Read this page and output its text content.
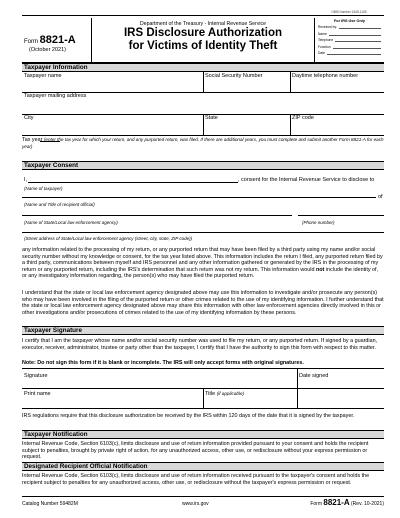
OMB Number 1545-1165
Form 8821-A
(October 2021)
Department of the Treasury - Internal Revenue Service
IRS Disclosure Authorization
for Victims of Identity Theft
For IRS Use Only
Received by:
Name
Telephone
Function
Date
Taxpayer Information
Taxpayer name	Social Security Number	Daytime telephone number
Taxpayer mailing address
City	State	ZIP code
Tax year (enter the tax year for which your return, and any purported return, was filed. If there are additional years, you must complete and submit another Form 8821-A for each year)
Taxpayer Consent
I,	, consent for the Internal Revenue Service to disclose to
(Name of taxpayer)
of
(Name and Title of recipient official)
(Name of State/Local law enforcement agency)	(Phone number)
(Street address of State/Local law enforcement agency (street, city, state, ZIP code))
any information related to the processing of my return, or any purported return that may have been filed by a third party using my name and/or social security number without my knowledge or consent, for the tax year listed above. This information includes the return I filed, any purported return filed by a third party, communications between myself and IRS personnel and any other information gathered or generated by the IRS in the processing of my return or any purported return, including the IRS's determination that such return was not my return. This information would not include the identity of, or any investigatory information regarding, the person(s) who may have filed the purported return.
I understand that the state or local law enforcement agency designated above may use this information to investigate and/or prosecute any person(s) who may have been involved in the filing of the purported return or other crimes related to the use of my identifying information. I further understand that the state or local law enforcement agency designated above may share this information with other law enforcement agencies directly involved in this or other investigations and/or prosecutions of crimes related to the use of my identifying information by these persons.
Taxpayer Signature
I certify that I am the taxpayer whose name and/or social security number was used to file my return, or any purported return. If signed by a guardian, executor, receiver, administrator, trustee or party other than the taxpayer, I certify that I have the authority to sign this form with respect to this matter.
Note: Do not sign this form if it is blank or incomplete. The IRS will only accept forms with original signatures.
Signature	Date signed
Print name	Title (if applicable)
IRS regulations require that this disclosure authorization be received by the IRS within 120 days of the date that it is signed by the taxpayer.
Taxpayer Notification
Internal Revenue Code, Section 6103(c), limits disclosure and use of return information provided pursuant to your consent and holds the recipient subject to penalties, brought by private right of action, for any unauthorized access, other use, or redisclosure without your express permission or request.
Designated Recipient Official Notification
Internal Revenue Code, Section 6103(c), limits disclosure and use of return information received pursuant to the taxpayer's consent and holds the recipient subject to penalties for any unauthorized access, other use, or redisclosure without the taxpayer's express permission or request.
Catalog Number 59482M	www.irs.gov	Form 8821-A (Rev. 10-2021)
